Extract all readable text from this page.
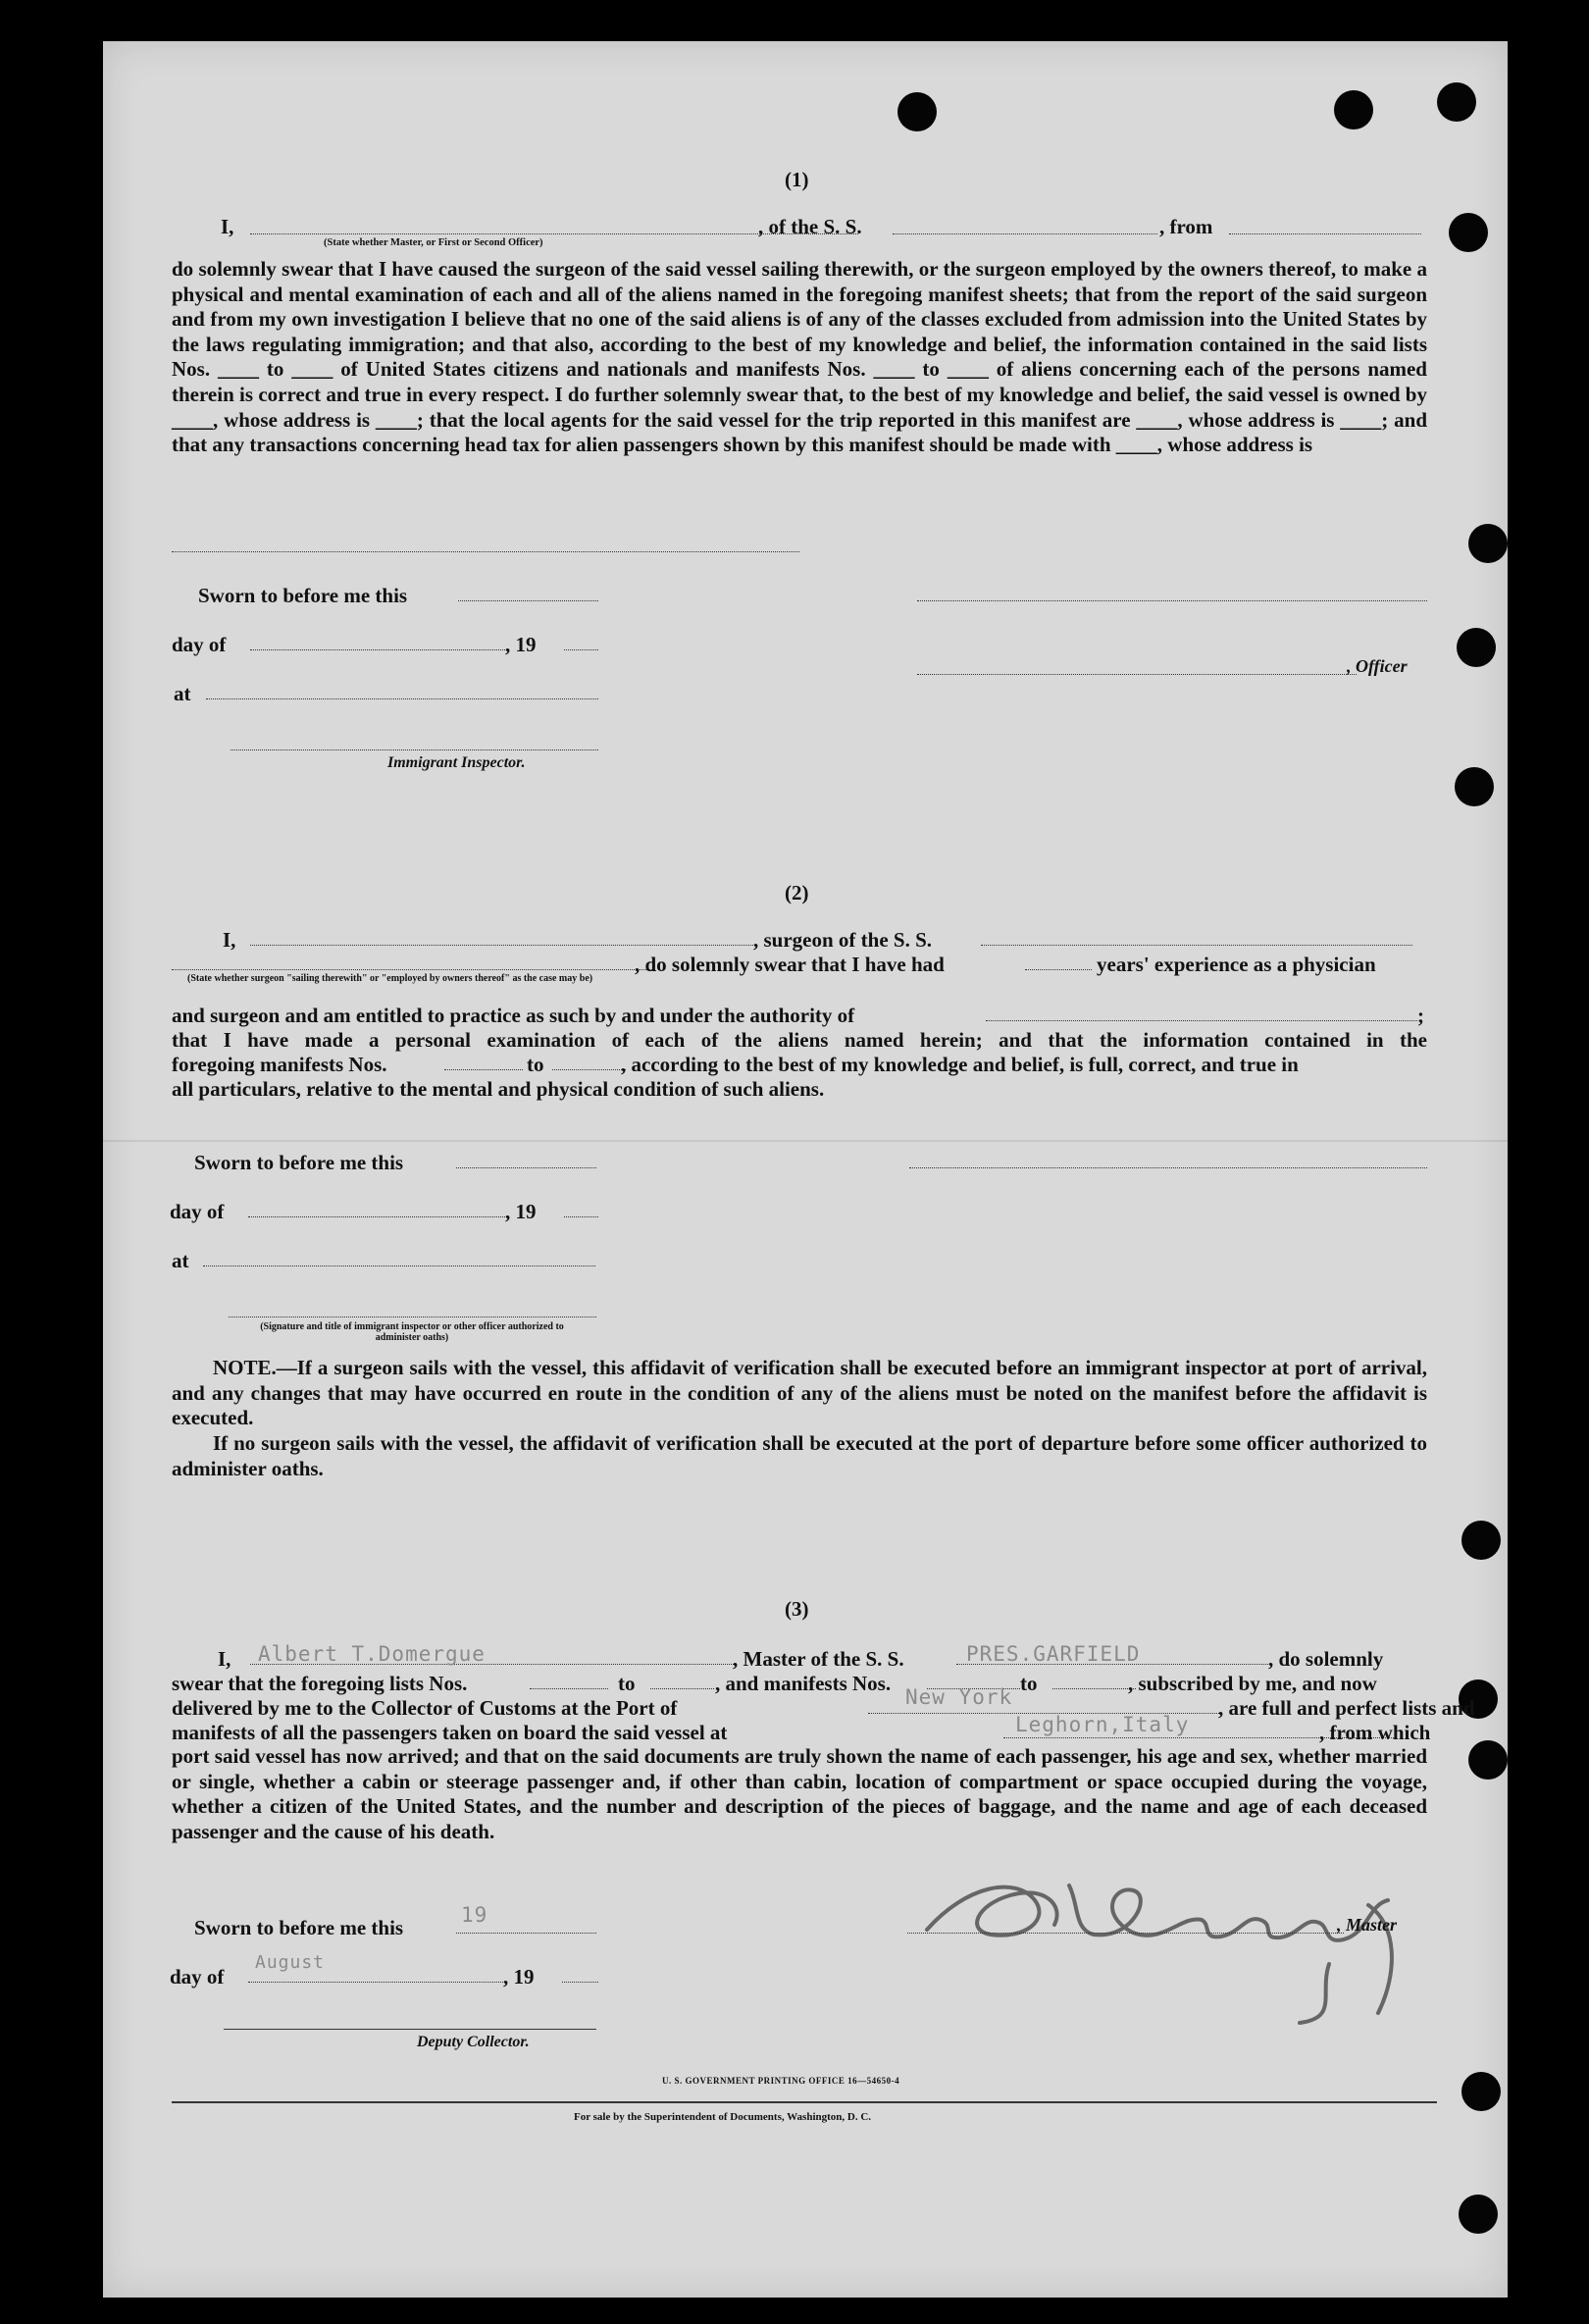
(1)
I,
(State whether Master, or First or Second Officer)
, of the S. S.	, from
do solemnly swear that I have caused the surgeon of the said vessel sailing therewith, or the surgeon employed by the owners thereof, to make a physical and mental examination of each and all of the aliens named in the foregoing manifest sheets; that from the report of the said surgeon and from my own investigation I believe that no one of the said aliens is of any of the classes excluded from admission into the United States by the laws regulating immigration; and that also, according to the best of my knowledge and belief, the information contained in the said lists Nos. ____ to ____ of United States citizens and nationals and manifests Nos. ____ to ____ of aliens concerning each of the persons named therein is correct and true in every respect. I do further solemnly swear that, to the best of my knowledge and belief, the said vessel is owned by ____, whose address is ____; that the local agents for the said vessel for the trip reported in this manifest are ____, whose address is ____; and that any transactions concerning head tax for alien passengers shown by this manifest should be made with ____, whose address is
Sworn to before me this
day of	, 19
, Officer
at
Immigrant Inspector.
(2)
I,	, surgeon of the S. S.
, do solemnly swear that I have had	years' experience as a physician
(State whether surgeon "sailing therewith" or "employed by owners thereof" as the case may be)
and surgeon and am entitled to practice as such by and under the authority of	;
that I have made a personal examination of each of the aliens named herein; and that the information contained in the
foregoing manifests Nos.	to	, according to the best of my knowledge and belief, is full, correct, and true in
all particulars, relative to the mental and physical condition of such aliens.
Sworn to before me this
day of	, 19
at
(Signature and title of immigrant inspector or other officer authorized to administer oaths)
NOTE.—If a surgeon sails with the vessel, this affidavit of verification shall be executed before an immigrant inspector at port of arrival, and any changes that may have occurred en route in the condition of any of the aliens must be noted on the manifest before the affidavit is executed.
If no surgeon sails with the vessel, the affidavit of verification shall be executed at the port of departure before some officer authorized to administer oaths.
(3)
I, Albert T.Domergue	, Master of the S. S.	PRES.GARFIELD	, do solemnly
swear that the foregoing lists Nos.	to	, and manifests Nos.	to	, subscribed by me, and now
delivered by me to the Collector of Customs at the Port of	New York	, are full and perfect lists and
manifests of all the passengers taken on board the said vessel at	Leghorn,Italy	, from which
port said vessel has now arrived; and that on the said documents are truly shown the name of each passenger, his age and sex, whether married or single, whether a cabin or steerage passenger and, if other than cabin, location of compartment or space occupied during the voyage, whether a citizen of the United States, and the number and description of the pieces of baggage, and the name and age of each deceased passenger and the cause of his death.
Sworn to before me this
19	, Master
day of
August
, 19
Deputy Collector.
U. S. GOVERNMENT PRINTING OFFICE 16—54650-4
For sale by the Superintendent of Documents, Washington, D. C.
